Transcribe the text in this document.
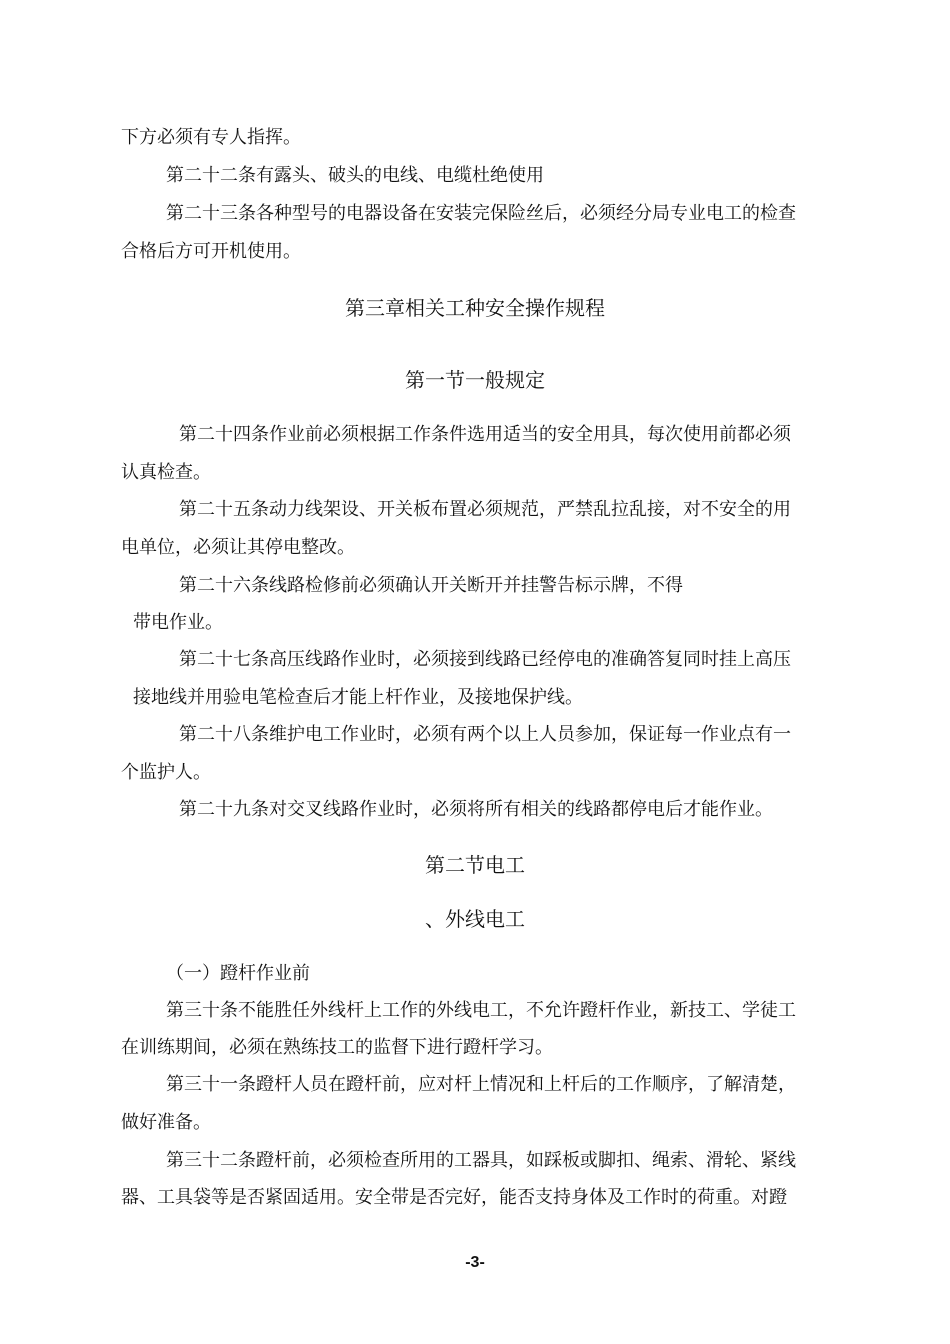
下方必须有专人指挥。
第二十二条有露头、破头的电线、电缆杜绝使用
第二十三条各种型号的电器设备在安装完保险丝后，必须经分局专业电工的检查
合格后方可开机使用。
第三章相关工种安全操作规程
第一节一般规定
第二十四条作业前必须根据工作条件选用适当的安全用具，每次使用前都必须
认真检查。
第二十五条动力线架设、开关板布置必须规范，严禁乱拉乱接，对不安全的用
电单位，必须让其停电整改。
第二十六条线路检修前必须确认开关断开并挂警告标示牌，不得
带电作业。
第二十七条高压线路作业时，必须接到线路已经停电的准确答复同时挂上高压
接地线并用验电笔检查后才能上杆作业，及接地保护线。
第二十八条维护电工作业时，必须有两个以上人员参加，保证每一作业点有一
个监护人。
第二十九条对交叉线路作业时，必须将所有相关的线路都停电后才能作业。
第二节电工
、外线电工
（一）蹬杆作业前
第三十条不能胜任外线杆上工作的外线电工，不允许蹬杆作业，新技工、学徒工
在训练期间，必须在熟练技工的监督下进行蹬杆学习。
第三十一条蹬杆人员在蹬杆前，应对杆上情况和上杆后的工作顺序，了解清楚，
做好准备。
第三十二条蹬杆前，必须检查所用的工器具，如踩板或脚扣、绳索、滑轮、紧线
器、工具袋等是否紧固适用。安全带是否完好，能否支持身体及工作时的荷重。对蹬
-3-
